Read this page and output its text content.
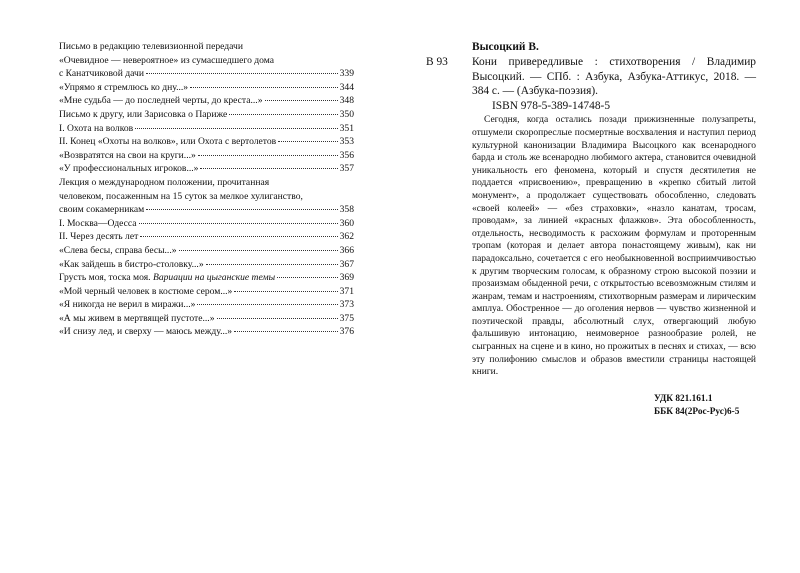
Письмо в редакцию телевизионной передачи
«Очевидное — невероятное» из сумасшедшего дома
с Канатчиковой дачи	339
«Упрямо я стремлюсь ко дну...»	344
«Мне судьба — до последней черты, до креста...»	348
Письмо к другу, или Зарисовка о Париже	350
I. Охота на волков	351
II. Конец «Охоты на волков», или Охота с вертолетов	353
«Возвратятся на свои на круги...»	356
«У профессиональных игроков...»	357
Лекция о международном положении, прочитанная
человеком, посаженным на 15 суток за мелкое хулиганство,
своим сокамерникам	358
I. Москва—Одесса	360
II. Через десять лет	362
«Слева бесы, справа бесы...»	366
«Как зайдешь в бистро-столовку...»	367
Грусть моя, тоска моя. Вариации на цыганские темы	369
«Мой черный человек в костюме сером...»	371
«Я никогда не верил в миражи...»	373
«А мы живем в мертвящей пустоте...»	375
«И снизу лед, и сверху — маюсь между...»	376
Высоцкий В.
В 93 Кони привередливые : стихотворения / Владимир Высоцкий. — СПб. : Азбука, Азбука-Аттикус, 2018. — 384 с. — (Азбука-поэзия).
ISBN 978-5-389-14748-5
Сегодня, когда остались позади прижизненные полузапреты, отшумели скоропреслые посмертные восхваления и наступил период культурной канонизации Владимира Высоцкого как всенародного барда и столь же всенародно любимого актера, становится очевидной уникальность его феномена, который и спустя десятилетия не поддается «присвоению», превращению в «крепко сбитый литой монумент», а продолжает существовать обособленно, следовать «своей колеей» — «без страховки», «назло канатам, тросам, проводам», за линией «красных флажков». Эта обособленность, отдельность, несводимость к расхожим формулам и проторенным тропам (которая и делает автора понастоящему живым), как ни парадоксально, сочетается с его необыкновенной восприимчивостью к другим творческим голосам, к образному строю высокой поэзии и прозаизмам обыденной речи, с открытостью всевозможным стилям и жанрам, темам и настроениям, стихотворным размерам и лирическим амплуа. Обостренное — до оголения нервов — чувство жизненной и поэтической правды, абсолютный слух, отвергающий любую фальшивую интонацию, неимоверное разнообразие ролей, не сыгранных на сцене и в кино, но прожитых в песнях и стихах, — всю эту полифонию смыслов и образов вместили страницы настоящей книги.
УДК 821.161.1
ББК 84(2Рос-Рус)6-5
